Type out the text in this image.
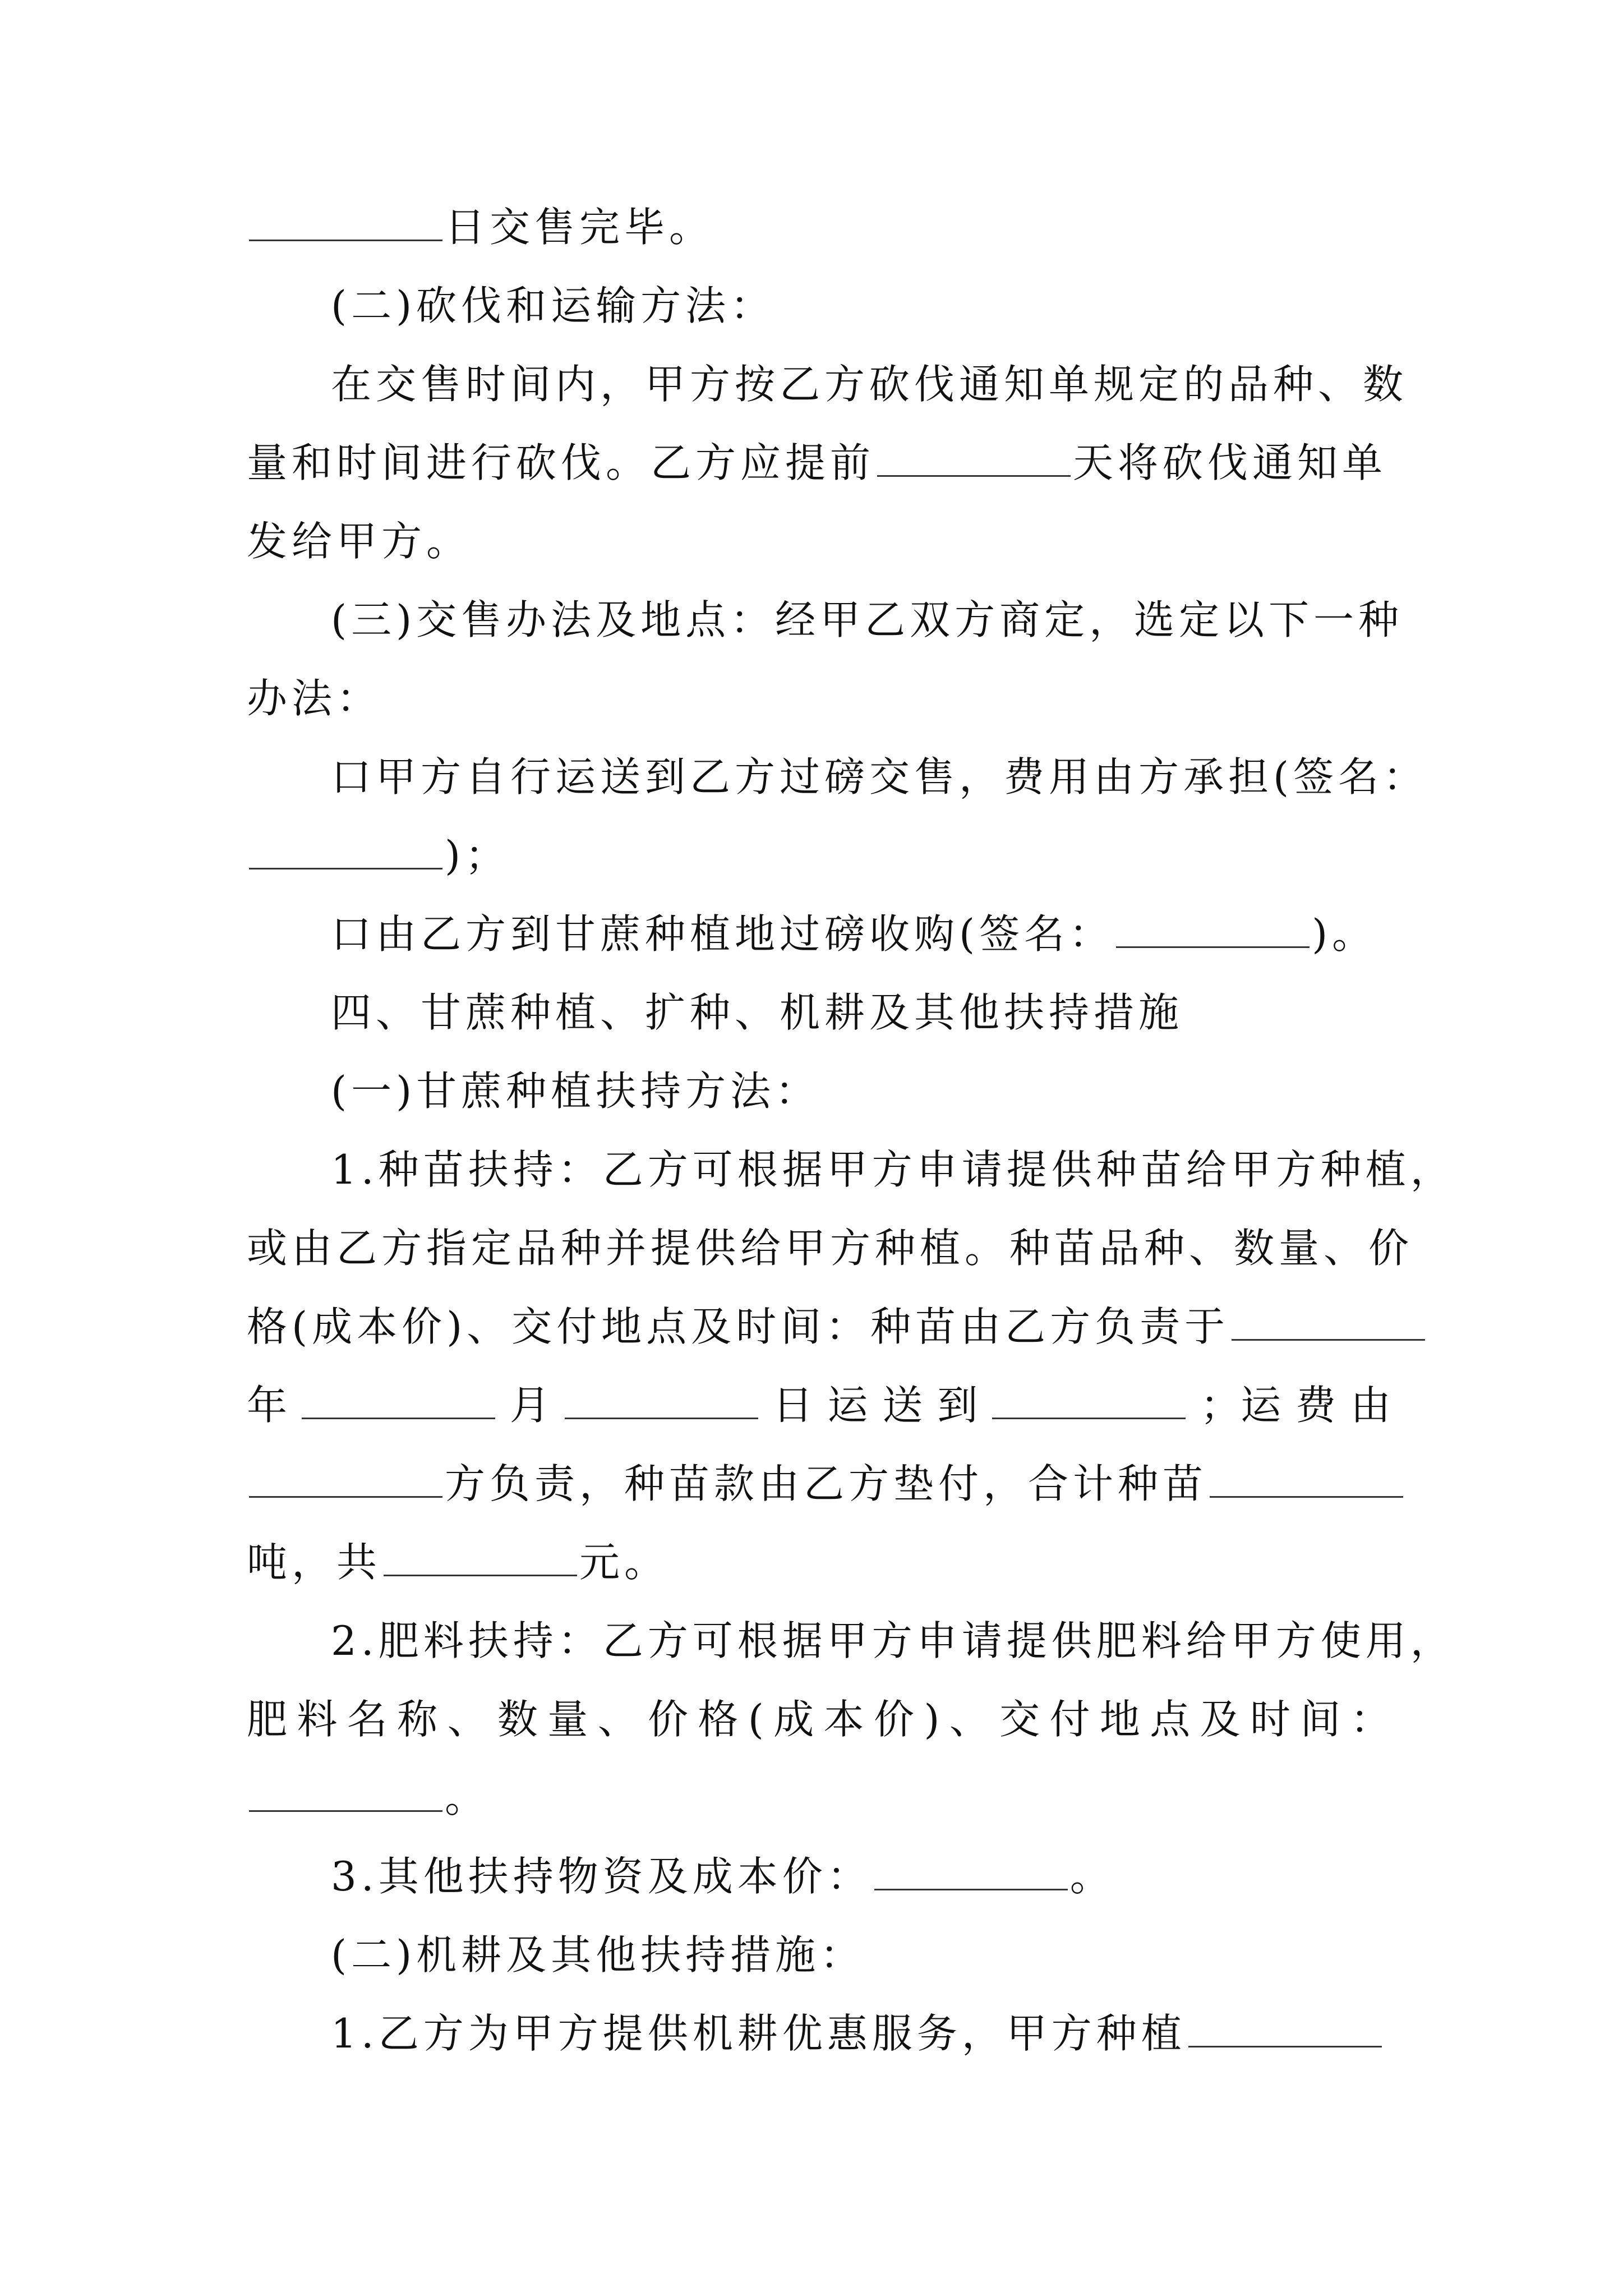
日交售完毕。
(二)砍伐和运输方法：
在交售时间内，甲方按乙方砍伐通知单规定的品种、数
量和时间进行砍伐。乙方应提前	天将砍伐通知单
发给甲方。
(三)交售办法及地点：经甲乙双方商定，选定以下一种
办法：
口甲方自行运送到乙方过磅交售，费用由方承担(签名：
)；
口由乙方到甘蔗种植地过磅收购(签名：	)。
四、甘蔗种植、扩种、机耕及其他扶持措施
(一)甘蔗种植扶持方法：
1.种苗扶持：乙方可根据甲方申请提供种苗给甲方种植，
或由乙方指定品种并提供给甲方种植。种苗品种、数量、价
格(成本价)、交付地点及时间：种苗由乙方负责于
年	月	日 运 送 到	；运 费 由
方负责，种苗款由乙方垫付，合计种苗
吨，共	元。
2.肥料扶持：乙方可根据甲方申请提供肥料给甲方使用，
肥 料 名 称 、 数 量 、 价 格 ( 成 本 价 ) 、 交 付 地 点 及 时 间 ：
。
3.其他扶持物资及成本价：	。
(二)机耕及其他扶持措施：
1.乙方为甲方提供机耕优惠服务，甲方种植
